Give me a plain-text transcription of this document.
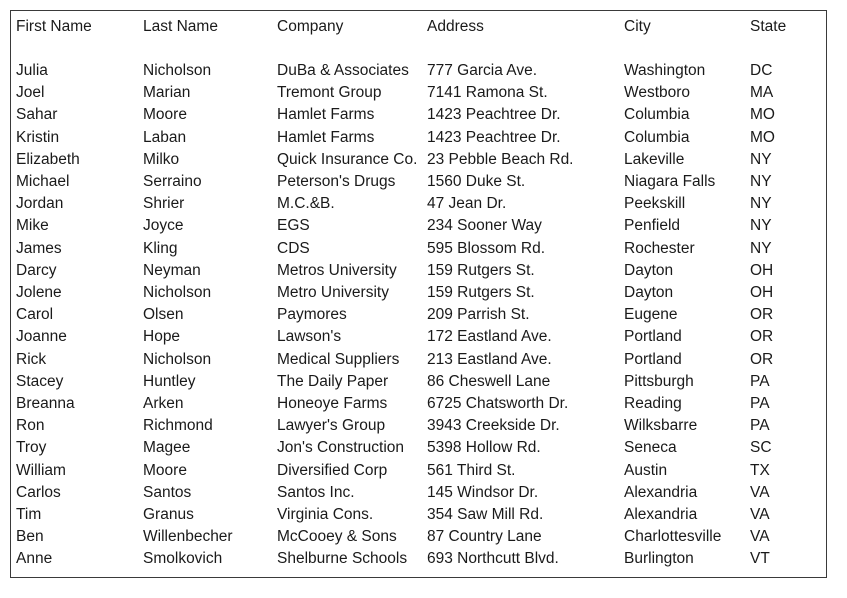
First Name	Last Name	Company	Address	City	State

Julia	Nicholson	DuBa & Associates	777 Garcia Ave.	Washington	DC
Joel	Marian	Tremont Group	7141 Ramona St.	Westboro	MA
Sahar	Moore	Hamlet Farms	1423 Peachtree Dr.	Columbia	MO
Kristin	Laban	Hamlet Farms	1423 Peachtree Dr.	Columbia	MO
Elizabeth	Milko	Quick Insurance Co.	23 Pebble Beach Rd.	Lakeville	NY
Michael	Serraino	Peterson's Drugs	1560 Duke St.	Niagara Falls	NY
Jordan	Shrier	M.C.&B.	47 Jean Dr.	Peekskill	NY
Mike	Joyce	EGS	234 Sooner Way	Penfield	NY
James	Kling	CDS	595 Blossom Rd.	Rochester	NY
Darcy	Neyman	Metros University	159 Rutgers St.	Dayton	OH
Jolene	Nicholson	Metro University	159 Rutgers St.	Dayton	OH
Carol	Olsen	Paymores	209 Parrish St.	Eugene	OR
Joanne	Hope	Lawson's	172 Eastland Ave.	Portland	OR
Rick	Nicholson	Medical Suppliers	213 Eastland Ave.	Portland	OR
Stacey	Huntley	The Daily Paper	86 Cheswell Lane	Pittsburgh	PA
Breanna	Arken	Honeoye Farms	6725 Chatsworth Dr.	Reading	PA
Ron	Richmond	Lawyer's Group	3943 Creekside Dr.	Wilksbarre	PA
Troy	Magee	Jon's Construction	5398 Hollow Rd.	Seneca	SC
William	Moore	Diversified Corp	561 Third St.	Austin	TX
Carlos	Santos	Santos Inc.	145 Windsor Dr.	Alexandria	VA
Tim	Granus	Virginia Cons.	354 Saw Mill Rd.	Alexandria	VA
Ben	Willenbecher	McCooey & Sons	87 Country Lane	Charlottesville	VA
Anne	Smolkovich	Shelburne Schools	693 Northcutt Blvd.	Burlington	VT
